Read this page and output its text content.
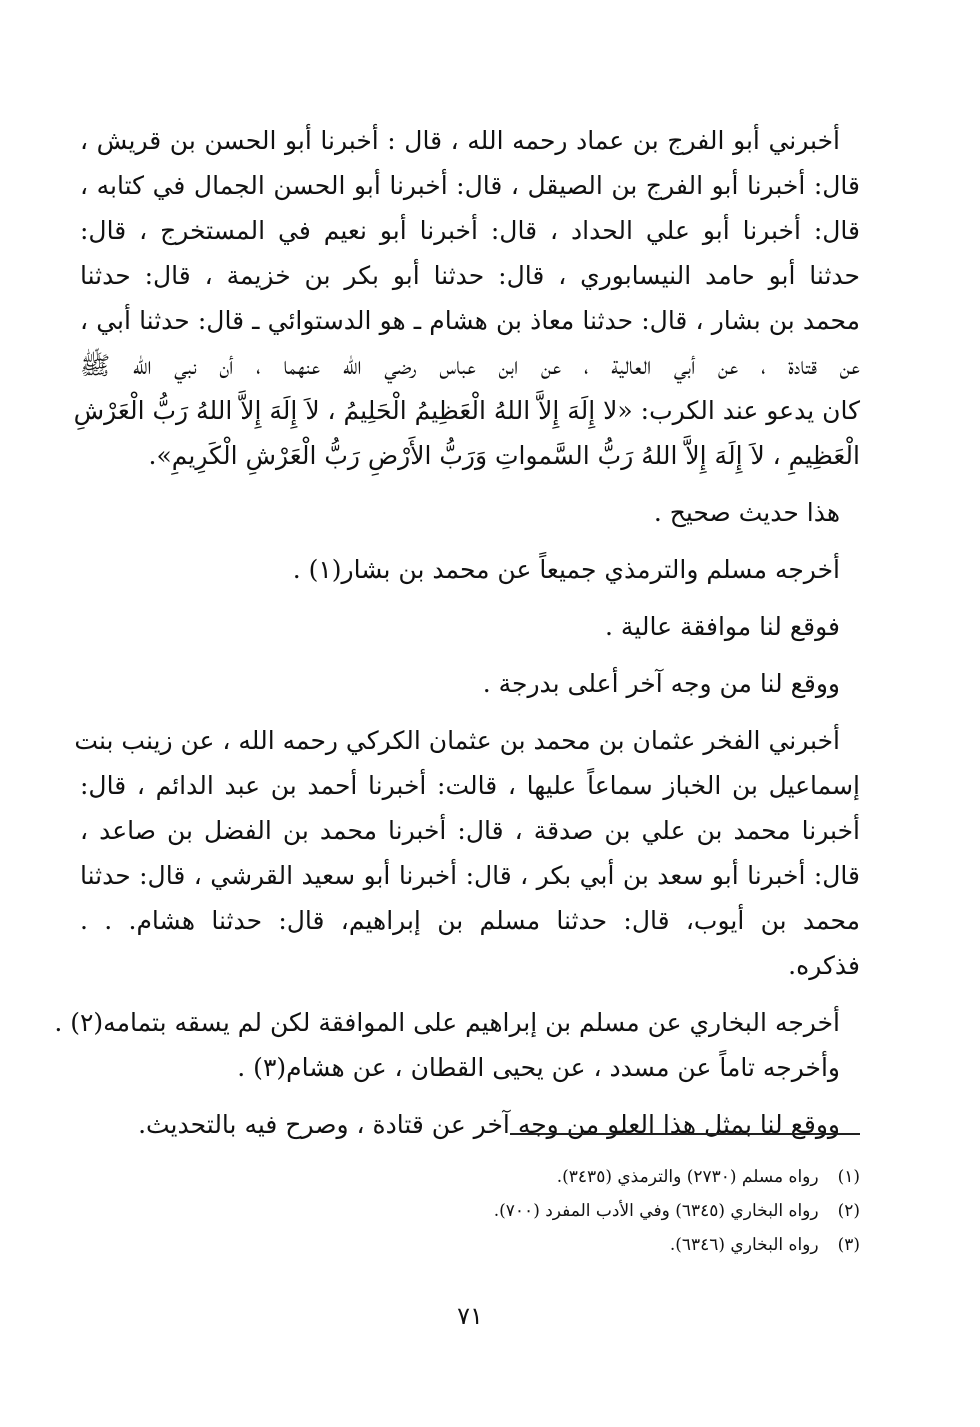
أخبرني أبو الفرج بن عماد رحمه الله ، قال : أخبرنا أبو الحسن بن قريش ،
قال: أخبرنا أبو الفرج بن الصيقل ، قال: أخبرنا أبو الحسن الجمال في كتابه ،
قال: أخبرنا أبو علي الحداد ، قال: أخبرنا أبو نعيم في المستخرج ، قال:
حدثنا أبو حامد النيسابوري ، قال: حدثنا أبو بكر بن خزيمة ، قال: حدثنا
محمد بن بشار ، قال: حدثنا معاذ بن هشام ـ هو الدستوائي ـ قال: حدثنا أبي ،
عن قتادة ، عن أبي العالية ، عن ابن عباس رضي الله عنهما ، أن نبي الله ﷺ
كان يدعو عند الكرب: «لا إِلَهَ إِلاَّ اللهُ الْعَظِيمُ الْحَلِيمُ ، لاَ إِلَهَ إِلاَّ اللهُ رَبُّ الْعَرْشِ
الْعَظِيمِ ، لاَ إِلَهَ إِلاَّ اللهُ رَبُّ السَّمواتِ وَرَبُّ الأَرْضِ رَبُّ الْعَرْشِ الْكَرِيمِ».
هذا حديث صحيح .
أخرجه مسلم والترمذي جميعاً عن محمد بن بشار(١) .
فوقع لنا موافقة عالية .
ووقع لنا من وجه آخر أعلى بدرجة .
أخبرني الفخر عثمان بن محمد بن عثمان الكركي رحمه الله ، عن زينب بنت
إسماعيل بن الخباز سماعاً عليها ، قالت: أخبرنا أحمد بن عبد الدائم ، قال:
أخبرنا محمد بن علي بن صدقة ، قال: أخبرنا محمد بن الفضل بن صاعد ،
قال: أخبرنا أبو سعد بن أبي بكر ، قال: أخبرنا أبو سعيد القرشي ، قال: حدثنا
محمد بن أيوب، قال: حدثنا مسلم بن إبراهيم، قال: حدثنا هشام. . .
فذكره.
أخرجه البخاري عن مسلم بن إبراهيم على الموافقة لكن لم يسقه بتمامه(٢) .
وأخرجه تاماً عن مسدد ، عن يحيى القطان ، عن هشام(٣) .
ووقع لنا بمثل هذا العلو من وجه آخر عن قتادة ، وصرح فيه بالتحديث.
(١) رواه مسلم (٢٧٣٠) والترمذي (٣٤٣٥).
(٢) رواه البخاري (٦٣٤٥) وفي الأدب المفرد (٧٠٠).
(٣) رواه البخاري (٦٣٤٦).
٧١
